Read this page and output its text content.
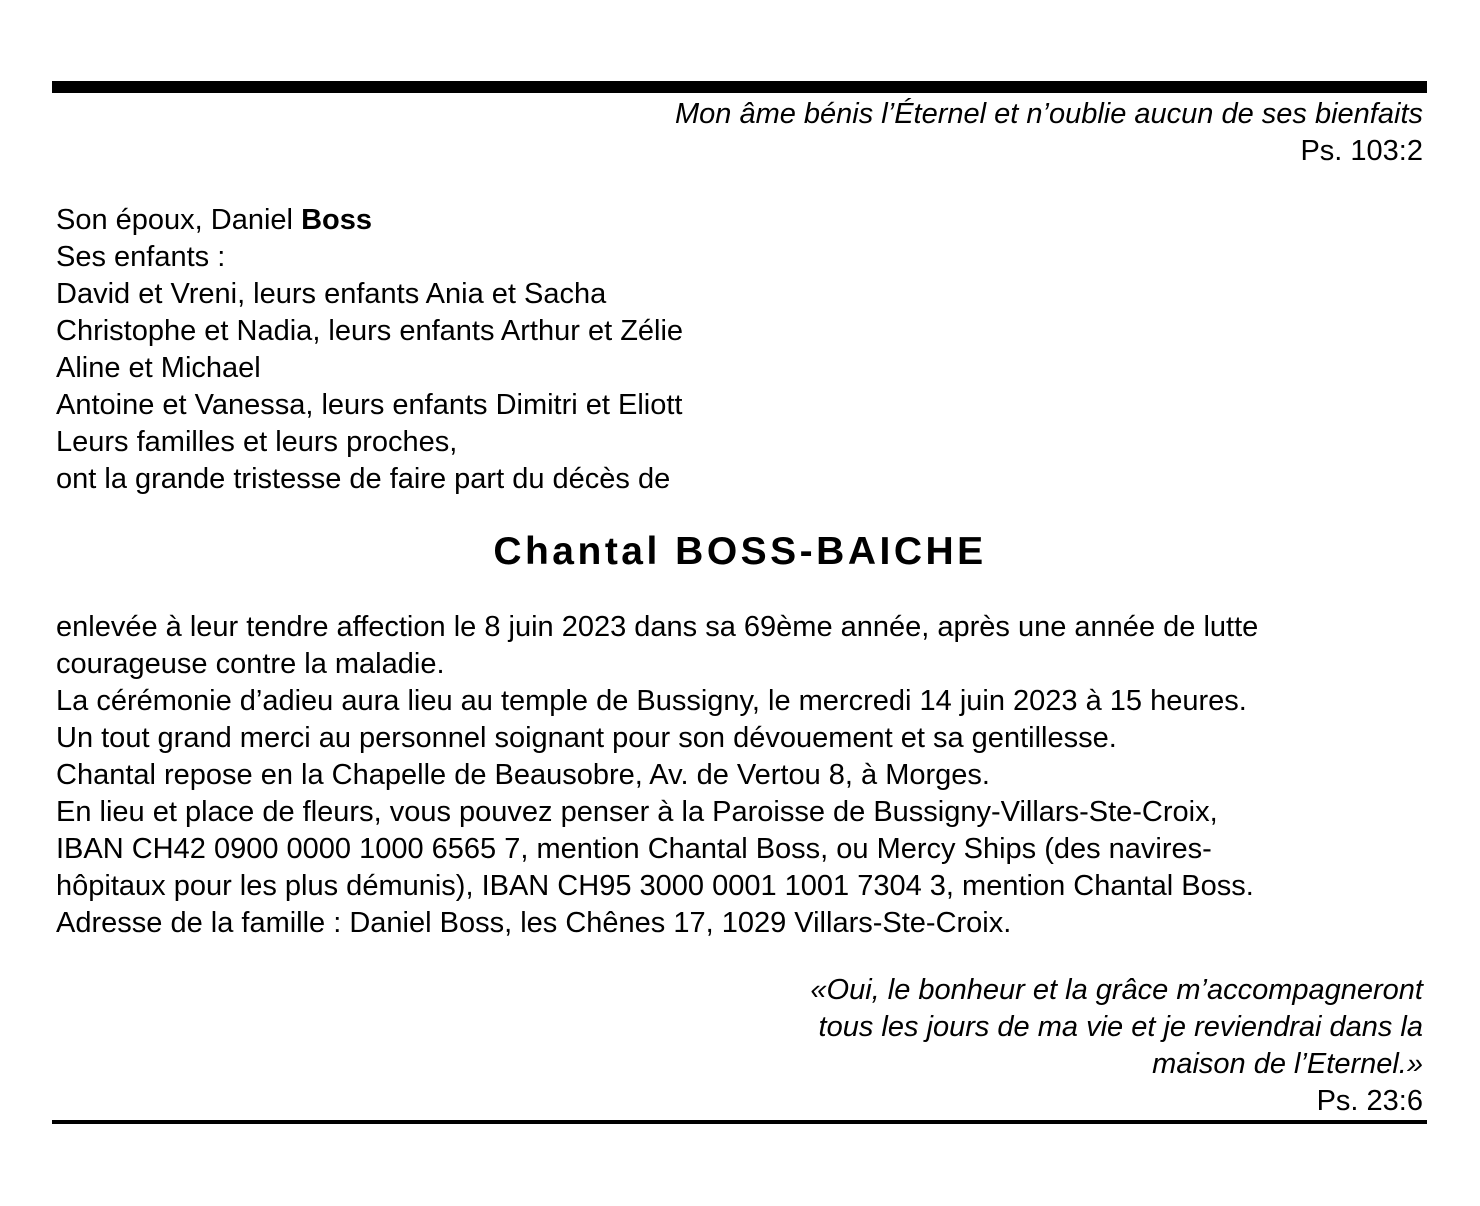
Mon âme bénis l’Éternel et n’oublie aucun de ses bienfaits
Ps. 103:2
Son époux, Daniel Boss
Ses enfants :
David et Vreni, leurs enfants Ania et Sacha
Christophe et Nadia, leurs enfants Arthur et Zélie
Aline et Michael
Antoine et Vanessa, leurs enfants Dimitri et Eliott
Leurs familles et leurs proches,
ont la grande tristesse de faire part du décès de
Chantal BOSS-BAICHE
enlevée à leur tendre affection le 8 juin 2023 dans sa 69ème année, après une année de lutte
courageuse contre la maladie.
La cérémonie d’adieu aura lieu au temple de Bussigny, le mercredi 14 juin 2023 à 15 heures.
Un tout grand merci au personnel soignant pour son dévouement et sa gentillesse.
Chantal repose en la Chapelle de Beausobre, Av. de Vertou 8, à Morges.
En lieu et place de fleurs, vous pouvez penser à la Paroisse de Bussigny-Villars-Ste-Croix,
IBAN CH42 0900 0000 1000 6565 7, mention Chantal Boss, ou Mercy Ships (des navires-
hôpitaux pour les plus démunis), IBAN CH95 3000 0001 1001 7304 3, mention Chantal Boss.
Adresse de la famille : Daniel Boss, les Chênes 17, 1029 Villars-Ste-Croix.
«Oui, le bonheur et la grâce m’accompagneront
tous les jours de ma vie et je reviendrai dans la
maison de l’Eternel.»
Ps. 23:6
